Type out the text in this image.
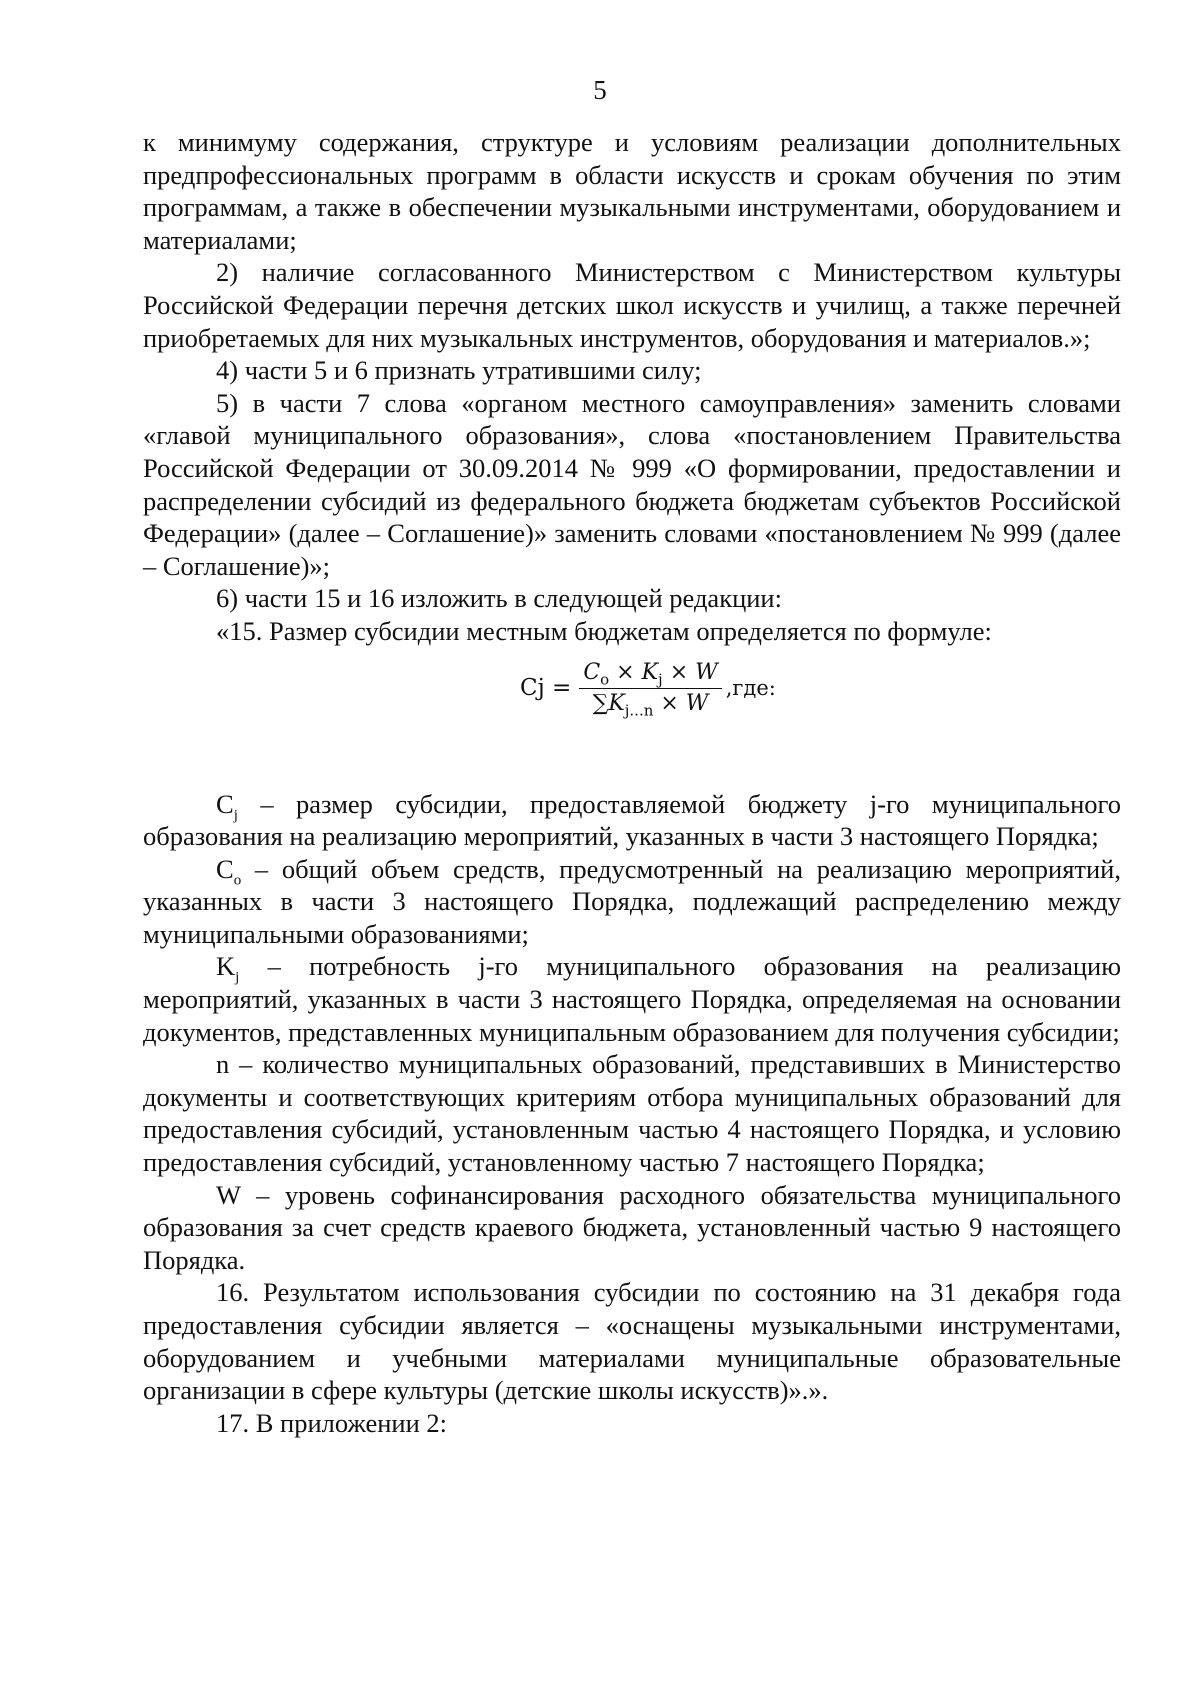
5

к минимуму содержания, структуре и условиям реализации дополнительных предпрофессиональных программ в области искусств и срокам обучения по этим программам, а также в обеспечении музыкальными инструментами, оборудованием и материалами;

2) наличие согласованного Министерством с Министерством культуры Российской Федерации перечня детских школ искусств и училищ, а также перечней приобретаемых для них музыкальных инструментов, оборудования и материалов.»;

4) части 5 и 6 признать утратившими силу;

5) в части 7 слова «органом местного самоуправления» заменить словами «главой муниципального образования», слова «постановлением Правительства Российской Федерации от 30.09.2014 № 999 «О формировании, предоставлении и распределении субсидий из федерального бюджета бюджетам субъектов Российской Федерации» (далее – Соглашение)» заменить словами «постановлением № 999 (далее – Соглашение)»;

6) части 15 и 16 изложить в следующей редакции:

«15. Размер субсидии местным бюджетам определяется по формуле:

$Cj = \frac{C_o \times K_j \times W}{\sum K_{j...n} \times W} ,где$:

$C_j$ – размер субсидии, предоставляемой бюджету j-го муниципального образования на реализацию мероприятий, указанных в части 3 настоящего Порядка;

$C_o$ – общий объем средств, предусмотренный на реализацию мероприятий, указанных в части 3 настоящего Порядка, подлежащий распределению между муниципальными образованиями;

$K_j$ – потребность j-го муниципального образования на реализацию мероприятий, указанных в части 3 настоящего Порядка, определяемая на основании документов, представленных муниципальным образованием для получения субсидии;

n – количество муниципальных образований, представивших в Министерство документы и соответствующих критериям отбора муниципальных образований для предоставления субсидий, установленным частью 4 настоящего Порядка, и условию предоставления субсидий, установленному частью 7 настоящего Порядка;

W – уровень софинансирования расходного обязательства муниципального образования за счет средств краевого бюджета, установленный частью 9 настоящего Порядка.

16. Результатом использования субсидии по состоянию на 31 декабря года предоставления субсидии является – «оснащены музыкальными инструментами, оборудованием и учебными материалами муниципальные образовательные организации в сфере культуры (детские школы искусств)».».

17. В приложении 2:
